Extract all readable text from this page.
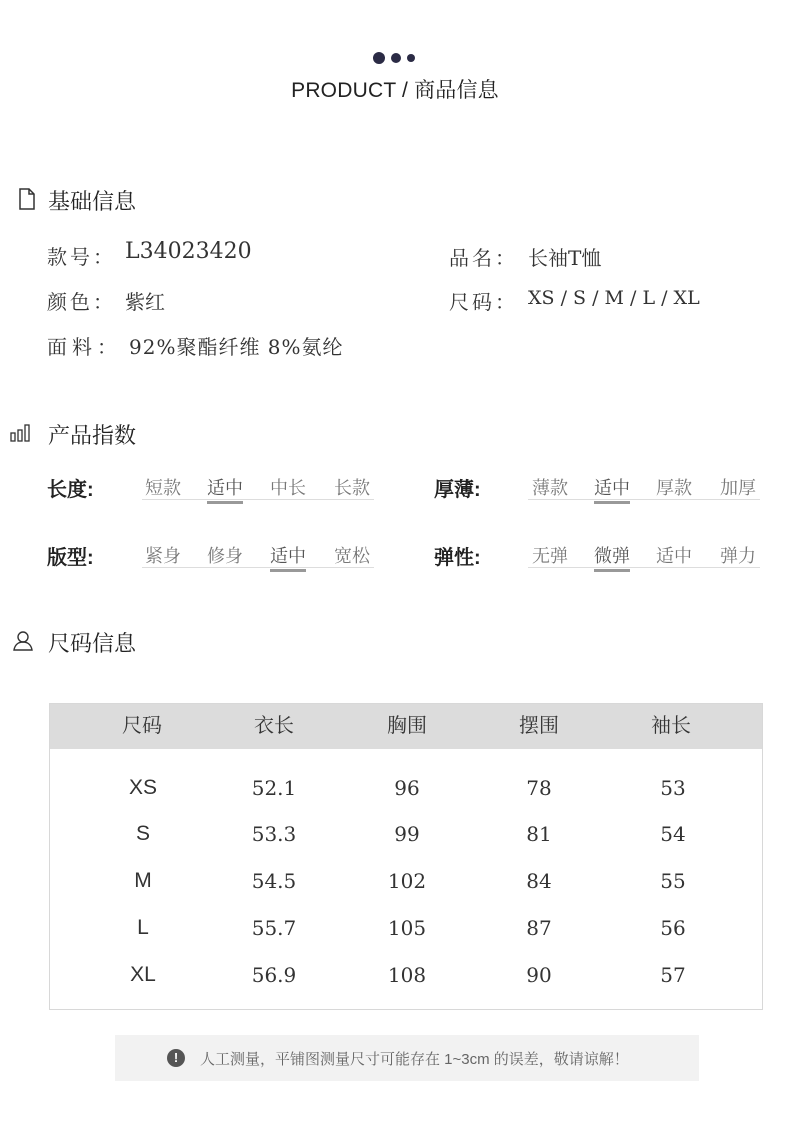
PRODUCT / 商品信息
基础信息
款号： L34023420	品名： 长袖T恤
颜色： 紫红	尺码： XS / S / M / L / XL
面料： 92%聚酯纤维 8%氨纶
产品指数
长度:	短款 适中 中长 长款	厚薄:	薄款 适中 厚款 加厚
版型:	紧身 修身 适中 宽松	弹性:	无弹 微弹 适中 弹力
尺码信息
尺码	衣长	胸围	摆围	袖长
XS	52.1	96	78	53
S	53.3	99	81	54
M	54.5	102	84	55
L	55.7	105	87	56
XL	56.9	108	90	57
!	人工测量，平铺图测量尺寸可能存在 1~3cm 的误差，敬请谅解！
